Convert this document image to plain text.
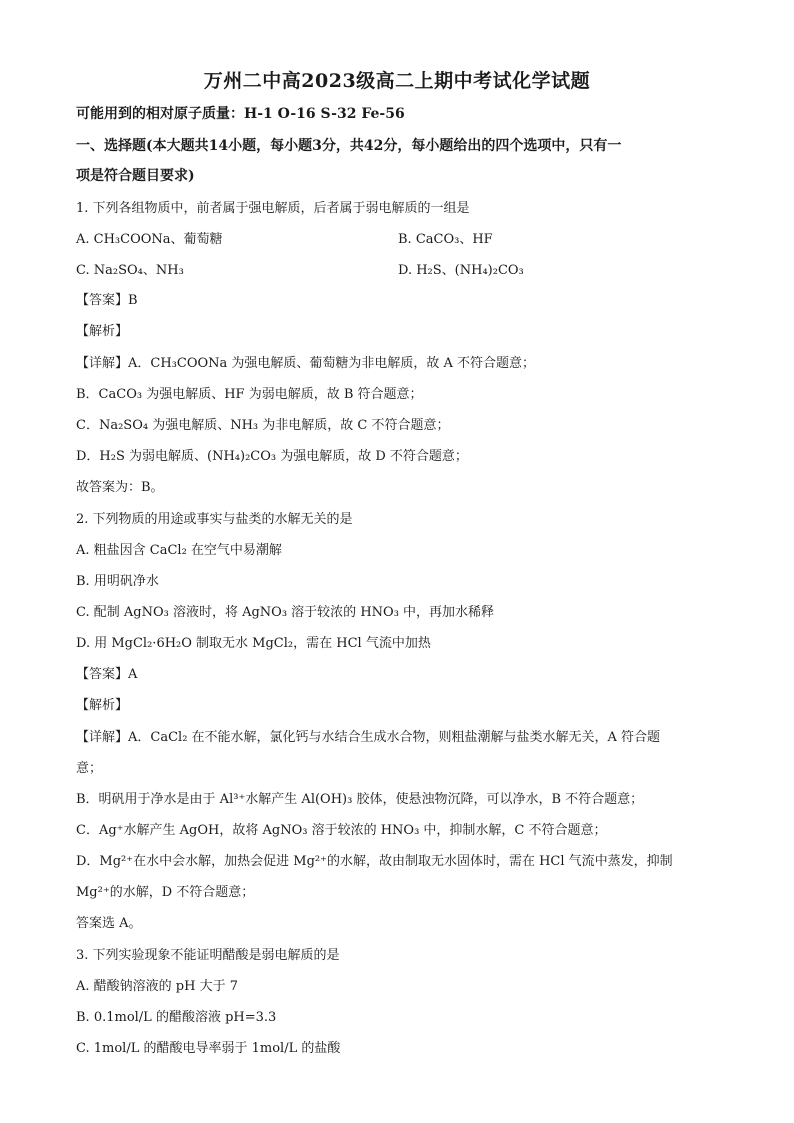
万州二中高2023级高二上期中考试化学试题
可能用到的相对原子质量：H-1 O-16 S-32 Fe-56
一、选择题(本大题共14小题，每小题3分，共42分，每小题给出的四个选项中，只有一
项是符合题目要求)
1. 下列各组物质中，前者属于强电解质，后者属于弱电解质的一组是
A. CH₃COONa、葡萄糖	B. CaCO₃、HF
C. Na₂SO₄、NH₃	D. H₂S、(NH₄)₂CO₃
【答案】B
【解析】
【详解】A．CH₃COONa 为强电解质、葡萄糖为非电解质，故 A 不符合题意；
B．CaCO₃ 为强电解质、HF 为弱电解质，故 B 符合题意；
C．Na₂SO₄ 为强电解质、NH₃ 为非电解质，故 C 不符合题意；
D．H₂S 为弱电解质、(NH₄)₂CO₃ 为强电解质，故 D 不符合题意；
故答案为：B。
2. 下列物质的用途或事实与盐类的水解无关的是
A. 粗盐因含 CaCl₂ 在空气中易潮解
B. 用明矾净水
C. 配制 AgNO₃ 溶液时，将 AgNO₃ 溶于较浓的 HNO₃ 中，再加水稀释
D. 用 MgCl₂·6H₂O 制取无水 MgCl₂，需在 HCl 气流中加热
【答案】A
【解析】
【详解】A．CaCl₂ 在不能水解，氯化钙与水结合生成水合物，则粗盐潮解与盐类水解无关，A 符合题
意；
B．明矾用于净水是由于 Al³⁺水解产生 Al(OH)₃ 胶体，使悬浊物沉降，可以净水，B 不符合题意；
C．Ag⁺水解产生 AgOH，故将 AgNO₃ 溶于较浓的 HNO₃ 中，抑制水解，C 不符合题意；
D．Mg²⁺在水中会水解，加热会促进 Mg²⁺的水解，故由制取无水固体时，需在 HCl 气流中蒸发，抑制
Mg²⁺的水解，D 不符合题意；
答案选 A。
3. 下列实验现象不能证明醋酸是弱电解质的是
A. 醋酸钠溶液的 pH 大于 7
B. 0.1mol/L 的醋酸溶液 pH=3.3
C. 1mol/L 的醋酸电导率弱于 1mol/L 的盐酸
